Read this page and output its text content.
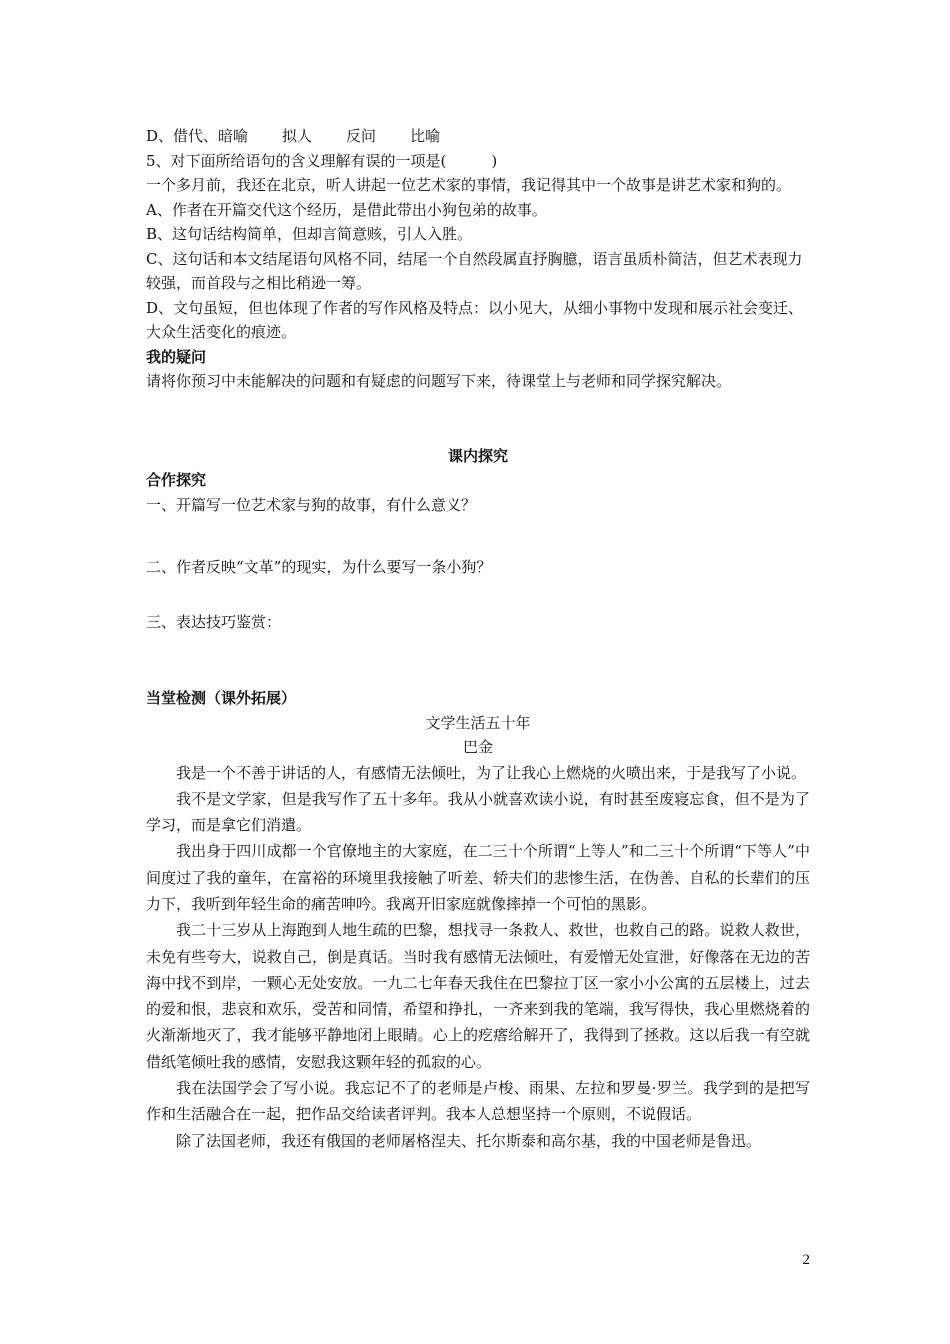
D、借代、暗喻 拟人 反问 比喻

5、对下面所给语句的含义理解有误的一项是(　　　)

一个多月前，我还在北京，听人讲起一位艺术家的事情，我记得其中一个故事是讲艺术家和狗的。

A、作者在开篇交代这个经历，是借此带出小狗包弟的故事。

B、这句话结构简单，但却言简意赅，引人入胜。

C、这句话和本文结尾语句风格不同，结尾一个自然段属直抒胸臆，语言虽质朴简洁，但艺术表现力较强，而首段与之相比稍逊一筹。

D、文句虽短，但也体现了作者的写作风格及特点：以小见大，从细小事物中发现和展示社会变迁、大众生活变化的痕迹。

我的疑问

请将你预习中未能解决的问题和有疑虑的问题写下来，待课堂上与老师和同学探究解决。

课内探究

合作探究

一、开篇写一位艺术家与狗的故事，有什么意义？

二、作者反映“文革”的现实，为什么要写一条小狗？

三、表达技巧鉴赏：

当堂检测（课外拓展）

文学生活五十年

巴金

我是一个不善于讲话的人，有感情无法倾吐，为了让我心上燃烧的火喷出来，于是我写了小说。

我不是文学家，但是我写作了五十多年。我从小就喜欢读小说，有时甚至废寝忘食，但不是为了学习，而是拿它们消遣。

我出身于四川成都一个官僚地主的大家庭，在二三十个所谓“上等人”和二三十个所谓“下等人”中间度过了我的童年，在富裕的环境里我接触了听差、轿夫们的悲惨生活，在伪善、自私的长辈们的压力下，我听到年轻生命的痛苦呻吟。我离开旧家庭就像摔掉一个可怕的黑影。

我二十三岁从上海跑到人地生疏的巴黎，想找寻一条救人、救世，也救自己的路。说救人救世，未免有些夸大，说救自己，倒是真话。当时我有感情无法倾吐，有爱憎无处宣泄，好像落在无边的苦海中找不到岸，一颗心无处安放。一九二七年春天我住在巴黎拉丁区一家小小公寓的五层楼上，过去的爱和恨，悲哀和欢乐，受苦和同情，希望和挣扎，一齐来到我的笔端，我写得快，我心里燃烧着的火渐渐地灭了，我才能够平静地闭上眼睛。心上的疙瘩给解开了，我得到了拯救。这以后我一有空就借纸笔倾吐我的感情，安慰我这颗年轻的孤寂的心。

我在法国学会了写小说。我忘记不了的老师是卢梭、雨果、左拉和罗曼·罗兰。我学到的是把写作和生活融合在一起，把作品交给读者评判。我本人总想坚持一个原则，不说假话。

除了法国老师，我还有俄国的老师屠格涅夫、托尔斯泰和高尔基，我的中国老师是鲁迅。

2
